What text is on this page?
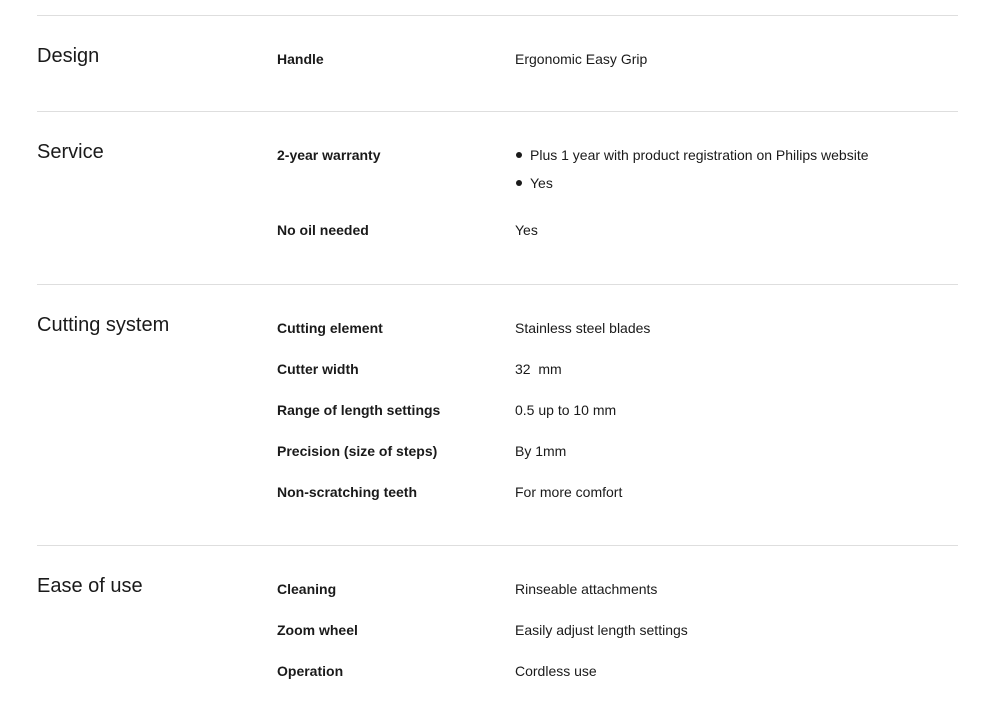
Design	Handle	Ergonomic Easy Grip
Service	2-year warranty	Plus 1 year with product registration on Philips website
Yes
No oil needed	Yes
Cutting system	Cutting element	Stainless steel blades
Cutter width	32  mm
Range of length settings	0.5 up to 10 mm
Precision (size of steps)	By 1mm
Non-scratching teeth	For more comfort
Ease of use	Cleaning	Rinseable attachments
Zoom wheel	Easily adjust length settings
Operation	Cordless use
